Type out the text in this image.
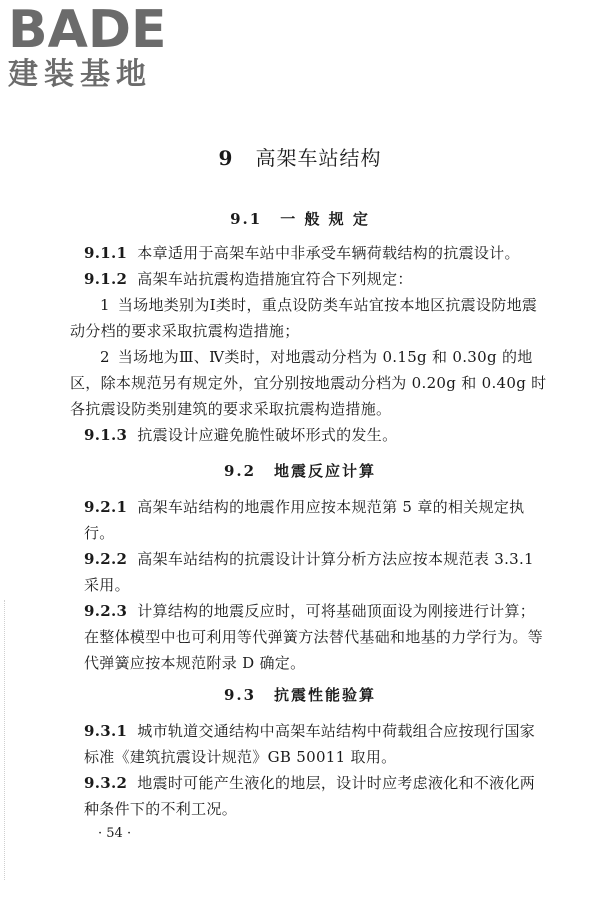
BADE
建装基地
9 高架车站结构
9.1 一 般 规 定
9.1.1 本章适用于高架车站中非承受车辆荷载结构的抗震设计。
9.1.2 高架车站抗震构造措施宜符合下列规定：
1 当场地类别为Ⅰ类时，重点设防类车站宜按本地区抗震设防地震动分档的要求采取抗震构造措施；
2 当场地为Ⅲ、Ⅳ类时，对地震动分档为 0.15g 和 0.30g 的地区，除本规范另有规定外，宜分别按地震动分档为 0.20g 和 0.40g 时各抗震设防类别建筑的要求采取抗震构造措施。
9.1.3 抗震设计应避免脆性破坏形式的发生。
9.2 地震反应计算
9.2.1 高架车站结构的地震作用应按本规范第 5 章的相关规定执行。
9.2.2 高架车站结构的抗震设计计算分析方法应按本规范表 3.3.1 采用。
9.2.3 计算结构的地震反应时，可将基础顶面设为刚接进行计算；在整体模型中也可利用等代弹簧方法替代基础和地基的力学行为。等代弹簧应按本规范附录 D 确定。
9.3 抗震性能验算
9.3.1 城市轨道交通结构中高架车站结构中荷载组合应按现行国家标准《建筑抗震设计规范》GB 50011 取用。
9.3.2 地震时可能产生液化的地层，设计时应考虑液化和不液化两种条件下的不利工况。
· 54 ·
